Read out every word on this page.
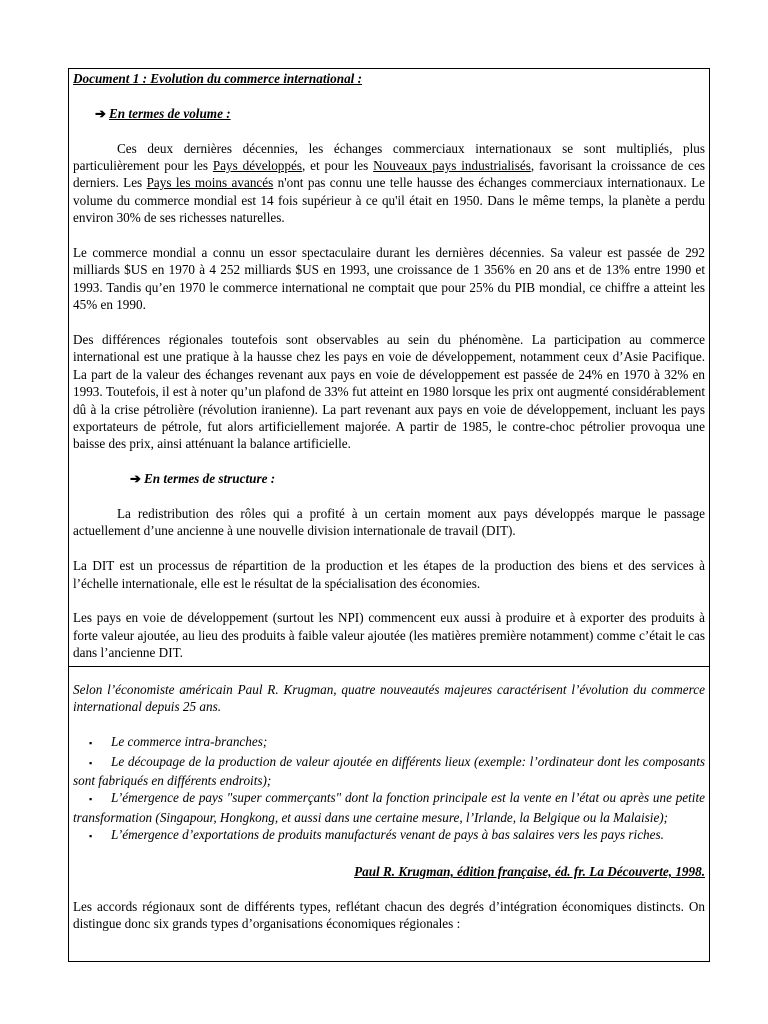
Document 1 : Evolution du commerce international :

➔ En termes de volume :

Ces deux dernières décennies, les échanges commerciaux internationaux se sont multipliés, plus particulièrement pour les Pays développés, et pour les Nouveaux pays industrialisés, favorisant la croissance de ces derniers. Les Pays les moins avancés n'ont pas connu une telle hausse des échanges commerciaux internationaux. Le volume du commerce mondial est 14 fois supérieur à ce qu'il était en 1950. Dans le même temps, la planète a perdu environ 30% de ses richesses naturelles.

Le commerce mondial a connu un essor spectaculaire durant les dernières décennies. Sa valeur est passée de 292 milliards $US en 1970 à 4 252 milliards $US en 1993, une croissance de 1 356% en 20 ans et de 13% entre 1990 et 1993. Tandis qu’en 1970 le commerce international ne comptait que pour 25% du PIB mondial, ce chiffre a atteint les 45% en 1990.

Des différences régionales toutefois sont observables au sein du phénomène. La participation au commerce international est une pratique à la hausse chez les pays en voie de développement, notamment ceux d’Asie Pacifique. La part de la valeur des échanges revenant aux pays en voie de développement est passée de 24% en 1970 à 32% en 1993. Toutefois, il est à noter qu’un plafond de 33% fut atteint en 1980 lorsque les prix ont augmenté considérablement dû à la crise pétrolière (révolution iranienne). La part revenant aux pays en voie de développement, incluant les pays exportateurs de pétrole, fut alors artificiellement majorée. A partir de 1985, le contre-choc pétrolier provoqua une baisse des prix, ainsi atténuant la balance artificielle.

➔ En termes de structure :

La redistribution des rôles qui a profité à un certain moment aux pays développés marque le passage actuellement d’une ancienne à une nouvelle division internationale de travail (DIT).

La DIT est un processus de répartition de la production et les étapes de la production des biens et des services à l’échelle internationale, elle est le résultat de la spécialisation des économies.

Les pays en voie de développement (surtout les NPI) commencent eux aussi à produire et à exporter des produits à forte valeur ajoutée, au lieu des produits à faible valeur ajoutée (les matières première notamment) comme c’était le cas dans l’ancienne DIT.

Selon l’économiste américain Paul R. Krugman, quatre nouveautés majeures caractérisent l’évolution du commerce international depuis 25 ans.

▪ Le commerce intra-branches;
▪ Le découpage de la production de valeur ajoutée en différents lieux (exemple: l’ordinateur dont les composants sont fabriqués en différents endroits);
▪ L’émergence de pays "super commerçants" dont la fonction principale est la vente en l’état ou après une petite transformation (Singapour, Hongkong, et aussi dans une certaine mesure, l’Irlande, la Belgique ou la Malaisie);
▪ L’émergence d’exportations de produits manufacturés venant de pays à bas salaires vers les pays riches.

Paul R. Krugman, édition française, éd. fr. La Découverte, 1998.

Les accords régionaux sont de différents types, reflétant chacun des degrés d’intégration économiques distincts. On distingue donc six grands types d’organisations économiques régionales :
